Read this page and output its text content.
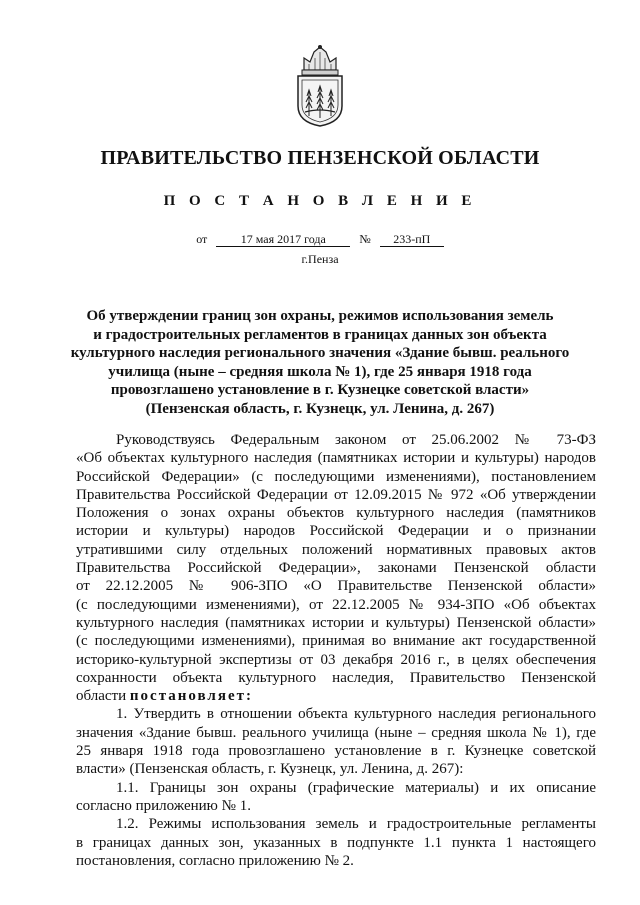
ПРАВИТЕЛЬСТВО ПЕНЗЕНСКОЙ ОБЛАСТИ
П О С Т А Н О В Л Е Н И Е
от	17 мая 2017 года	№ 233-пП
г.Пенза
Об утверждении границ зон охраны, режимов использования земель
и градостроительных регламентов в границах данных зон объекта
культурного наследия регионального значения «Здание бывш. реального
училища (ныне – средняя школа № 1), где 25 января 1918 года
провозглашено установление в г. Кузнецке советской власти»
(Пензенская область, г. Кузнецк, ул. Ленина, д. 267)
Руководствуясь Федеральным законом от 25.06.2002 № 73-ФЗ
«Об объектах культурного наследия (памятниках истории и культуры) народов
Российской Федерации» (с последующими изменениями), постановлением
Правительства Российской Федерации от 12.09.2015 № 972 «Об утверждении
Положения о зонах охраны объектов культурного наследия (памятников
истории и культуры) народов Российской Федерации и о признании
утратившими силу отдельных положений нормативных правовых актов
Правительства Российской Федерации», законами Пензенской области
от 22.12.2005 № 906-ЗПО «О Правительстве Пензенской области»
(с последующими изменениями), от 22.12.2005 № 934-ЗПО «Об объектах
культурного наследия (памятниках истории и культуры) Пензенской области»
(с последующими изменениями), принимая во внимание акт государственной
историко-культурной экспертизы от 03 декабря 2016 г., в целях обеспечения
сохранности объекта культурного наследия, Правительство Пензенской
области постановляет:
1. Утвердить в отношении объекта культурного наследия регионального
значения «Здание бывш. реального училища (ныне – средняя школа № 1), где
25 января 1918 года провозглашено установление в г. Кузнецке советской
власти» (Пензенская область, г. Кузнецк, ул. Ленина, д. 267):
1.1. Границы зон охраны (графические материалы) и их описание
согласно приложению № 1.
1.2. Режимы использования земель и градостроительные регламенты
в границах данных зон, указанных в подпункте 1.1 пункта 1 настоящего
постановления, согласно приложению № 2.
